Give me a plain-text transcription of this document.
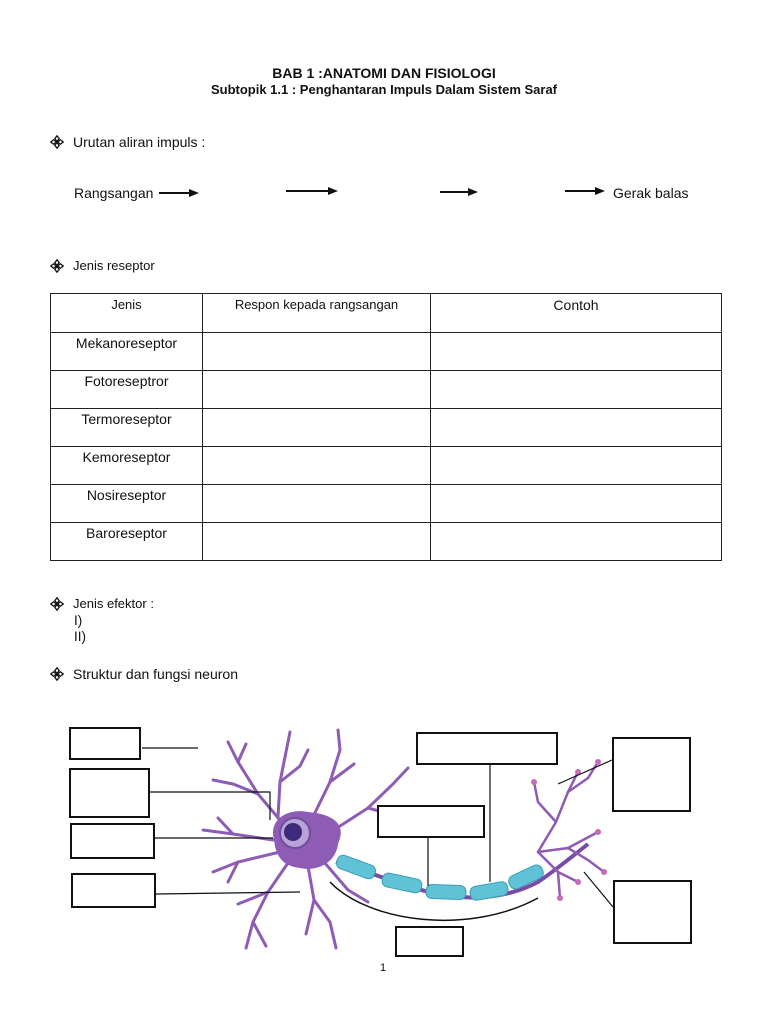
BAB 1 :ANATOMI DAN FISIOLOGI
Subtopik 1.1 : Penghantaran Impuls Dalam Sistem Saraf
Urutan aliran impuls :
Rangsangan	Gerak balas
Jenis reseptor
Jenis	Respon kepada rangsangan	Contoh
Mekanoreseptor		
Fotoreseptror		
Termoreseptor		
Kemoreseptor		
Nosireseptor		
Baroreseptor		
Jenis efektor :
I)
II)
Struktur dan fungsi neuron
1
